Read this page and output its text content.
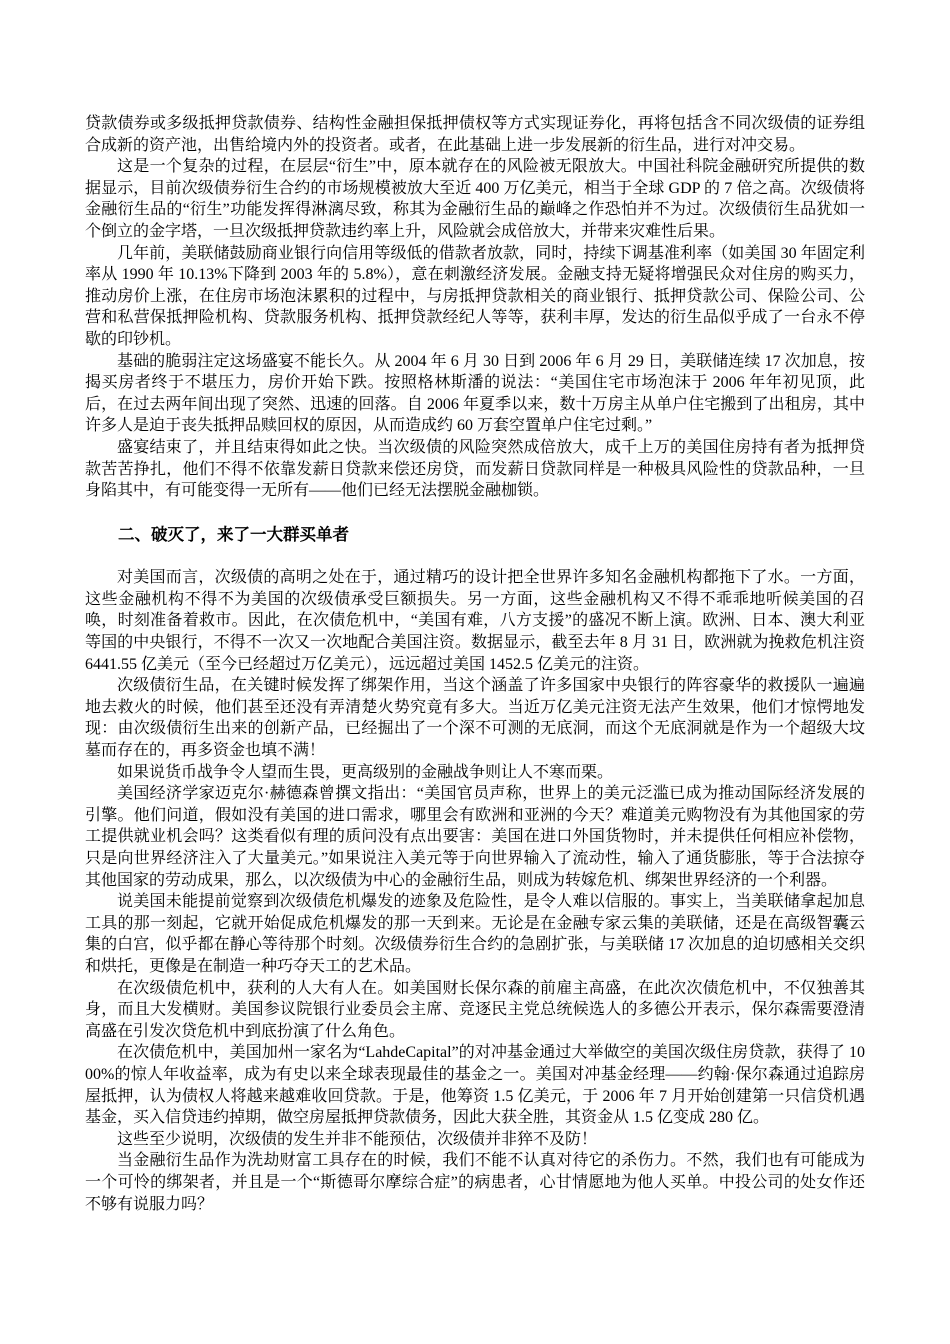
贷款债券或多级抵押贷款债券、结构性金融担保抵押债权等方式实现证券化，再将包括含不同次级债的证券组合成新的资产池，出售给境内外的投资者。或者，在此基础上进一步发展新的衍生品，进行对冲交易。

这是一个复杂的过程，在层层“衍生”中，原本就存在的风险被无限放大。中国社科院金融研究所提供的数据显示，目前次级债券衍生合约的市场规模被放大至近 400 万亿美元，相当于全球 GDP 的 7 倍之高。次级债将金融衍生品的“衍生”功能发挥得淋漓尽致，称其为金融衍生品的巅峰之作恐怕并不为过。次级债衍生品犹如一个倒立的金字塔，一旦次级抵押贷款违约率上升，风险就会成倍放大，并带来灾难性后果。

几年前，美联储鼓励商业银行向信用等级低的借款者放款，同时，持续下调基准利率（如美国 30 年固定利率从 1990 年 10.13%下降到 2003 年的 5.8%），意在刺激经济发展。金融支持无疑将增强民众对住房的购买力，推动房价上涨，在住房市场泡沫累积的过程中，与房抵押贷款相关的商业银行、抵押贷款公司、保险公司、公营和私营保抵押险机构、贷款服务机构、抵押贷款经纪人等等，获利丰厚，发达的衍生品似乎成了一台永不停歇的印钞机。

基础的脆弱注定这场盛宴不能长久。从 2004 年 6 月 30 日到 2006 年 6 月 29 日，美联储连续 17 次加息，按揭买房者终于不堪压力，房价开始下跌。按照格林斯潘的说法：“美国住宅市场泡沫于 2006 年年初见顶，此后，在过去两年间出现了突然、迅速的回落。自 2006 年夏季以来，数十万房主从单户住宅搬到了出租房，其中许多人是迫于丧失抵押品赎回权的原因，从而造成约 60 万套空置单户住宅过剩。”

盛宴结束了，并且结束得如此之快。当次级债的风险突然成倍放大，成千上万的美国住房持有者为抵押贷款苦苦挣扎，他们不得不依靠发薪日贷款来偿还房贷，而发薪日贷款同样是一种极具风险性的贷款品种，一旦身陷其中，有可能变得一无所有——他们已经无法摆脱金融枷锁。

二、破灭了，来了一大群买单者

对美国而言，次级债的高明之处在于，通过精巧的设计把全世界许多知名金融机构都拖下了水。一方面，这些金融机构不得不为美国的次级债承受巨额损失。另一方面，这些金融机构又不得不乖乖地听候美国的召唤，时刻准备着救市。因此，在次债危机中，“美国有难，八方支援”的盛况不断上演。欧洲、日本、澳大利亚等国的中央银行，不得不一次又一次地配合美国注资。数据显示，截至去年 8 月 31 日，欧洲就为挽救危机注资 6441.55 亿美元（至今已经超过万亿美元），远远超过美国 1452.5 亿美元的注资。

次级债衍生品，在关键时候发挥了绑架作用，当这个涵盖了许多国家中央银行的阵容豪华的救援队一遍遍地去救火的时候，他们甚至还没有弄清楚火势究竟有多大。当近万亿美元注资无法产生效果，他们才惊愕地发现：由次级债衍生出来的创新产品，已经掘出了一个深不可测的无底洞，而这个无底洞就是作为一个超级大坟墓而存在的，再多资金也填不满！

如果说货币战争令人望而生畏，更高级别的金融战争则让人不寒而栗。

美国经济学家迈克尔·赫德森曾撰文指出：“美国官员声称，世界上的美元泛滥已成为推动国际经济发展的引擎。他们问道，假如没有美国的进口需求，哪里会有欧洲和亚洲的今天？难道美元购物没有为其他国家的劳工提供就业机会吗？这类看似有理的质问没有点出要害：美国在进口外国货物时，并未提供任何相应补偿物，只是向世界经济注入了大量美元。”如果说注入美元等于向世界输入了流动性，输入了通货膨胀，等于合法掠夺其他国家的劳动成果，那么，以次级债为中心的金融衍生品，则成为转嫁危机、绑架世界经济的一个利器。

说美国未能提前觉察到次级债危机爆发的迹象及危险性，是令人难以信服的。事实上，当美联储拿起加息工具的那一刻起，它就开始促成危机爆发的那一天到来。无论是在金融专家云集的美联储，还是在高级智囊云集的白宫，似乎都在静心等待那个时刻。次级债券衍生合约的急剧扩张，与美联储 17 次加息的迫切感相关交织和烘托，更像是在制造一种巧夺天工的艺术品。

在次级债危机中，获利的人大有人在。如美国财长保尔森的前雇主高盛，在此次次债危机中，不仅独善其身，而且大发横财。美国参议院银行业委员会主席、竞逐民主党总统候选人的多德公开表示，保尔森需要澄清高盛在引发次贷危机中到底扮演了什么角色。

在次债危机中，美国加州一家名为“LahdeCapital”的对冲基金通过大举做空的美国次级住房贷款，获得了 1000%的惊人年收益率，成为有史以来全球表现最佳的基金之一。美国对冲基金经理——约翰·保尔森通过追踪房屋抵押，认为债权人将越来越难收回贷款。于是，他筹资 1.5 亿美元，于 2006 年 7 月开始创建第一只信贷机遇基金，买入信贷违约掉期，做空房屋抵押贷款债务，因此大获全胜，其资金从 1.5 亿变成 280 亿。

这些至少说明，次级债的发生并非不能预估，次级债并非猝不及防！

当金融衍生品作为洗劫财富工具存在的时候，我们不能不认真对待它的杀伤力。不然，我们也有可能成为一个可怜的绑架者，并且是一个“斯德哥尔摩综合症”的病患者，心甘情愿地为他人买单。中投公司的处女作还不够有说服力吗？
